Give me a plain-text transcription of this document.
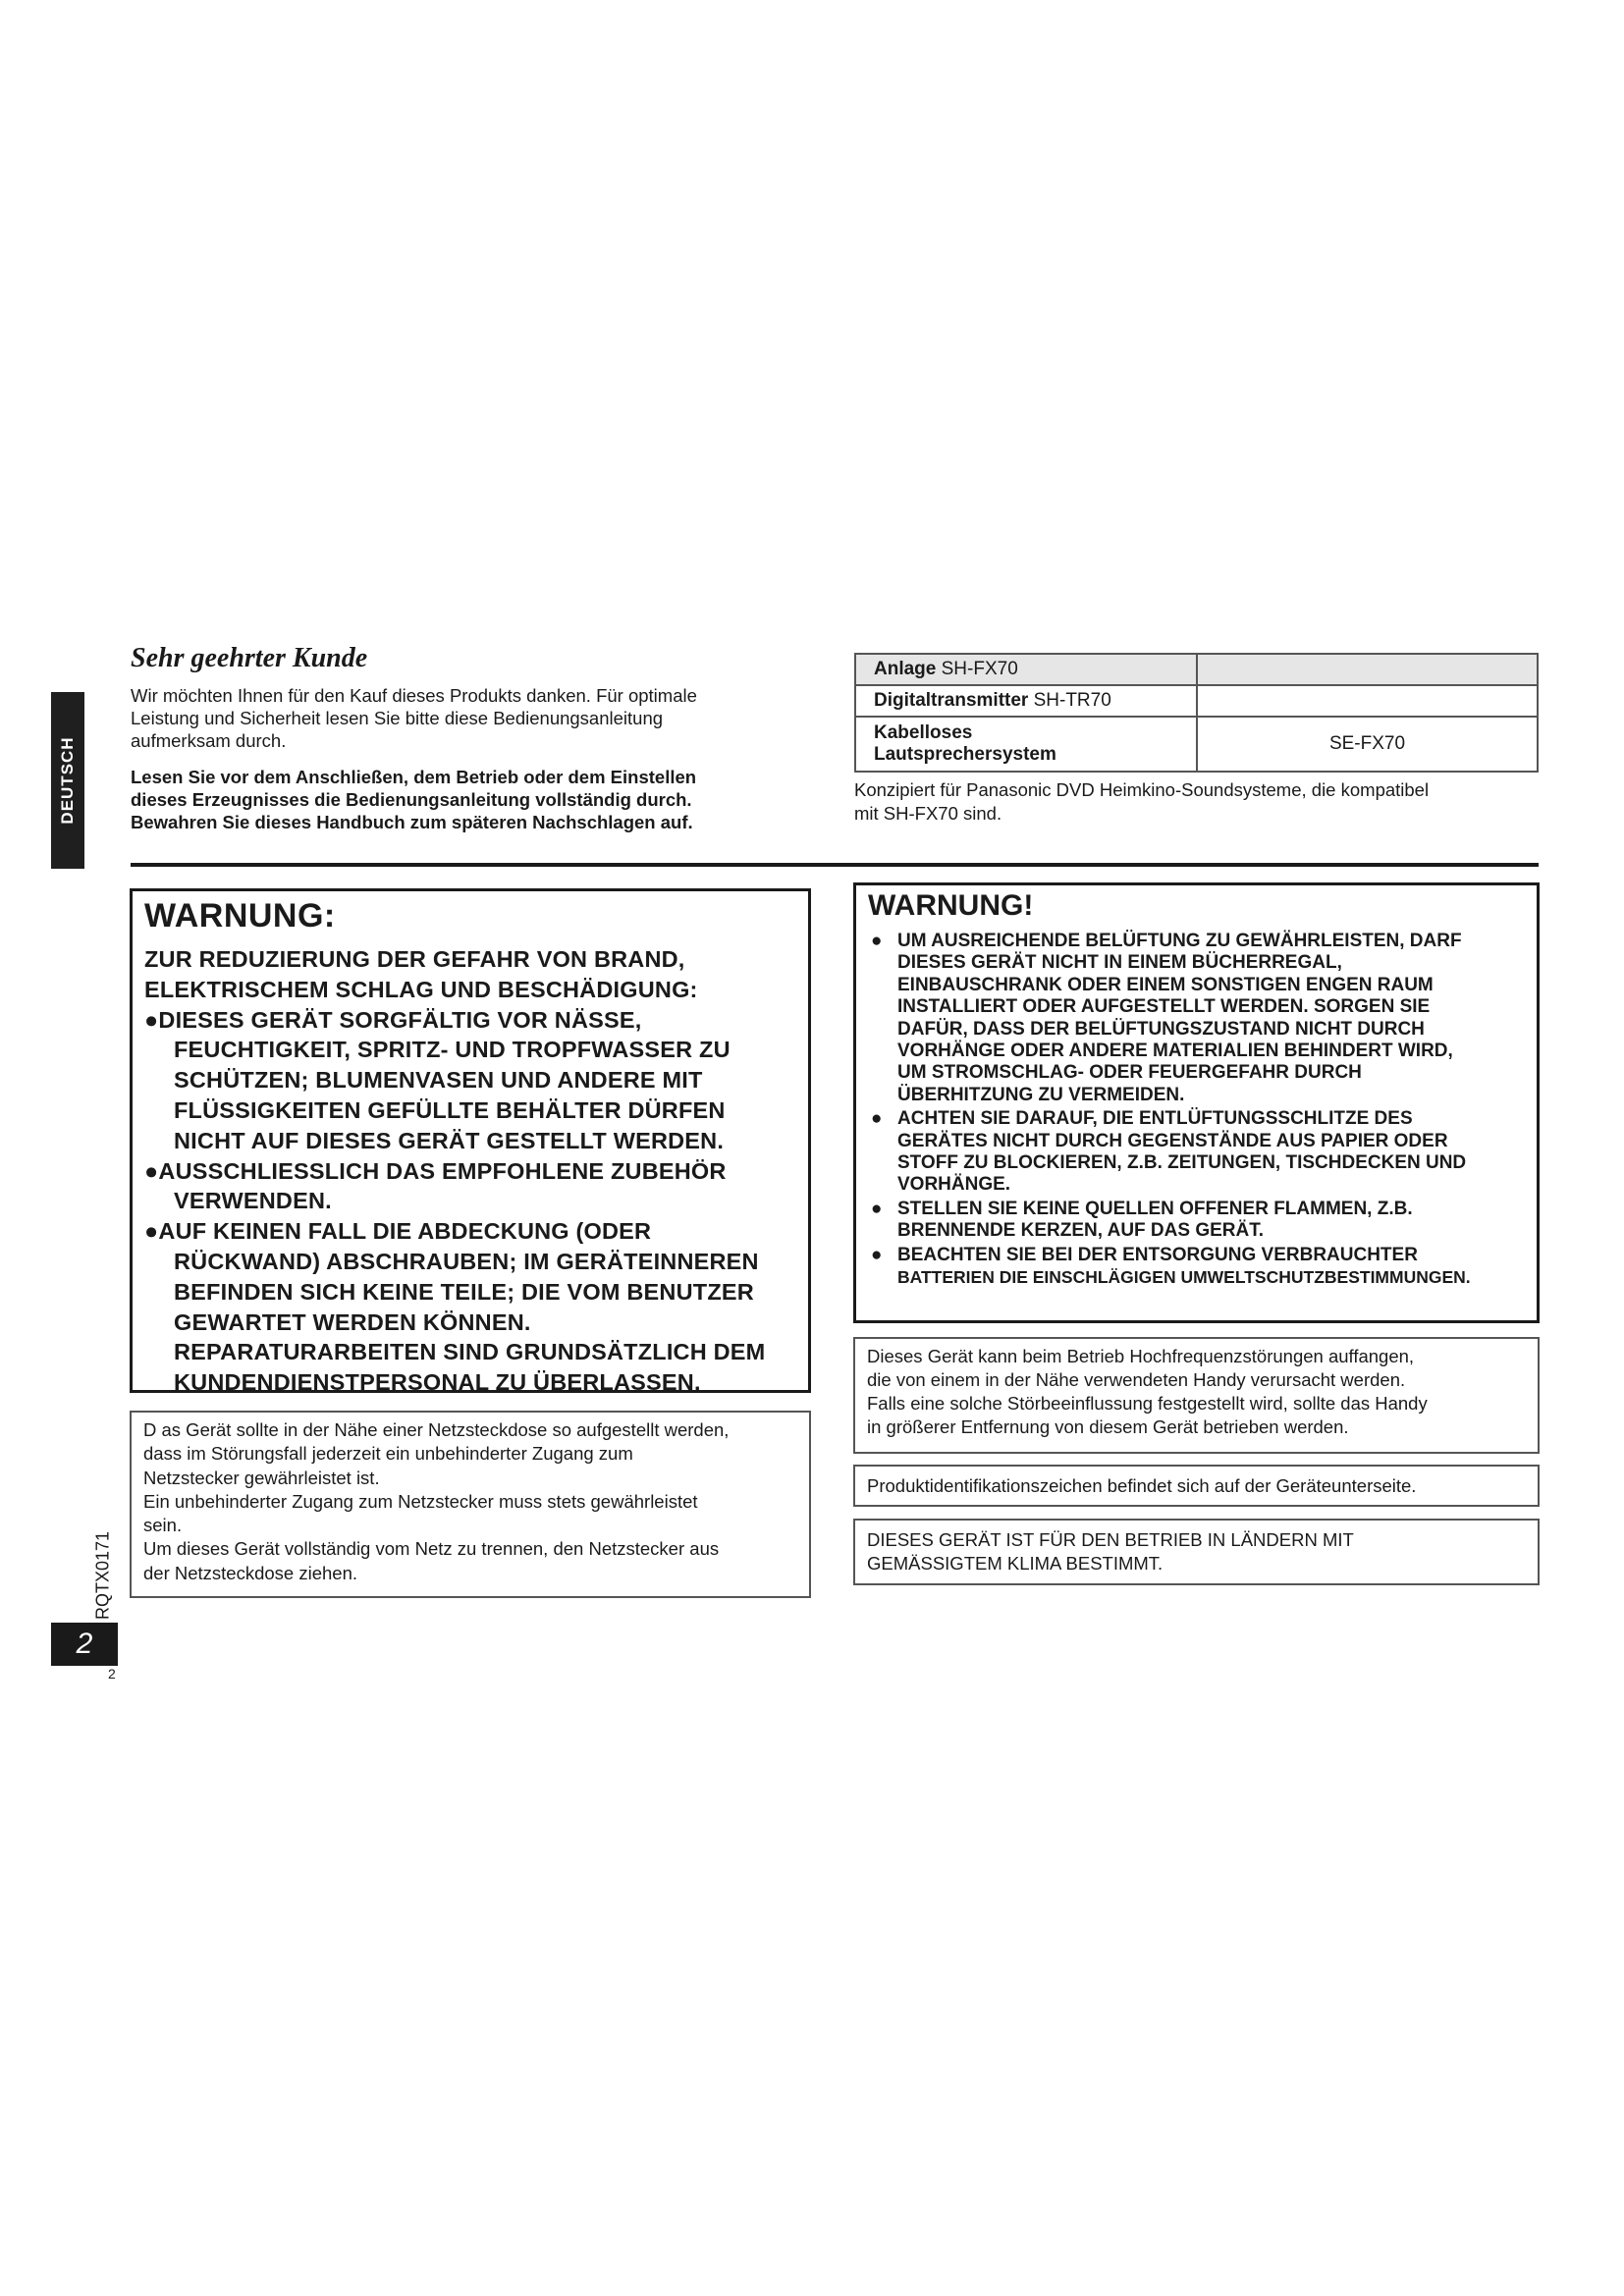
DEUTSCH
RQTX0171
2
2
Sehr geehrter Kunde
Wir möchten Ihnen für den Kauf dieses Produkts danken. Für optimale
Leistung und Sicherheit lesen Sie bitte diese Bedienungsanleitung
aufmerksam durch.

Lesen Sie vor dem Anschließen, dem Betrieb oder dem Einstellen

dieses Erzeugnisses die Bedienungsanleitung vollständig durch.

Bewahren Sie dieses Handbuch zum späteren Nachschlagen auf.

Anlage SH-FX70	
Digitaltransmitter SH-TR70	
Kabelloses
Lautsprechersystem	SE-FX70
Konzipiert für Panasonic DVD Heimkino-Soundsysteme, die kompatibel
mit SH-FX70 sind.
WARNUNG:

ZUR REDUZIERUNG DER GEFAHR VON BRAND,

ELEKTRISCHEM SCHLAG UND BESCHÄDIGUNG:

●DIESES GERÄT SORGFÄLTIG VOR NÄSSE,

FEUCHTIGKEIT, SPRITZ- UND TROPFWASSER ZU

SCHÜTZEN; BLUMENVASEN UND ANDERE MIT

FLÜSSIGKEITEN GEFÜLLTE BEHÄLTER DÜRFEN

NICHT AUF DIESES GERÄT GESTELLT WERDEN.

●AUSSCHLIESSLICH DAS EMPFOHLENE ZUBEHÖR

VERWENDEN.

●AUF KEINEN FALL DIE ABDECKUNG (ODER

RÜCKWAND) ABSCHRAUBEN; IM GERÄTEINNEREN

BEFINDEN SICH KEINE TEILE; DIE VOM BENUTZER

GEWARTET WERDEN KÖNNEN.

REPARATURARBEITEN SIND GRUNDSÄTZLICH DEM

KUNDENDIENSTPERSONAL ZU ÜBERLASSEN.

D as Gerät sollte in der Nähe einer Netzsteckdose so aufgestellt werden,
dass im Störungsfall jederzeit ein unbehinderter Zugang zum
Netzstecker gewährleistet ist.
Ein unbehinderter Zugang zum Netzstecker muss stets gewährleistet
sein.
Um dieses Gerät vollständig vom Netz zu trennen, den Netzstecker aus
der Netzsteckdose ziehen.
WARNUNG!
● UM AUSREICHENDE BELÜFTUNG ZU GEWÄHRLEISTEN, DARF
DIESES GERÄT NICHT IN EINEM BÜCHERREGAL,
EINBAUSCHRANK ODER EINEM SONSTIGEN ENGEN RAUM
INSTALLIERT ODER AUFGESTELLT WERDEN. SORGEN SIE
DAFÜR, DASS DER BELÜFTUNGSZUSTAND NICHT DURCH
VORHÄNGE ODER ANDERE MATERIALIEN BEHINDERT WIRD,
UM STROMSCHLAG- ODER FEUERGEFAHR DURCH
ÜBERHITZUNG ZU VERMEIDEN.
● ACHTEN SIE DARAUF, DIE ENTLÜFTUNGSSCHLITZE DES
GERÄTES NICHT DURCH GEGENSTÄNDE AUS PAPIER ODER
STOFF ZU BLOCKIEREN, Z.B. ZEITUNGEN, TISCHDECKEN UND
VORHÄNGE.
● STELLEN SIE KEINE QUELLEN OFFENER FLAMMEN, Z.B.
BRENNENDE KERZEN, AUF DAS GERÄT.
● BEACHTEN SIE BEI DER ENTSORGUNG VERBRAUCHTER
BATTERIEN DIE EINSCHLÄGIGEN UMWELTSCHUTZBESTIMMUNGEN.
Dieses Gerät kann beim Betrieb Hochfrequenzstörungen auffangen,
die von einem in der Nähe verwendeten Handy verursacht werden.
Falls eine solche Störbeeinflussung festgestellt wird, sollte das Handy
in größerer Entfernung von diesem Gerät betrieben werden.
Produktidentifikationszeichen befindet sich auf der Geräteunterseite.
DIESES GERÄT IST FÜR DEN BETRIEB IN LÄNDERN MIT
GEMÄSSIGTEM KLIMA BESTIMMT.
